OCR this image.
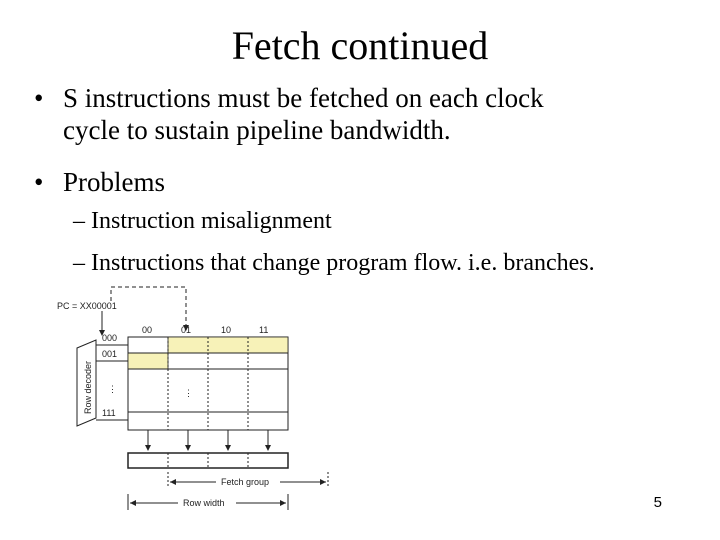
Fetch continued
• S instructions must be fetched on each clock
cycle to sustain pipeline bandwidth.
• Problems
– Instruction misalignment
– Instructions that change program flow. i.e. branches.
PC = XX00001
00	01	10	11
000
001
111
⋮
Row decoder	⋮
Fetch group
Row width	5
